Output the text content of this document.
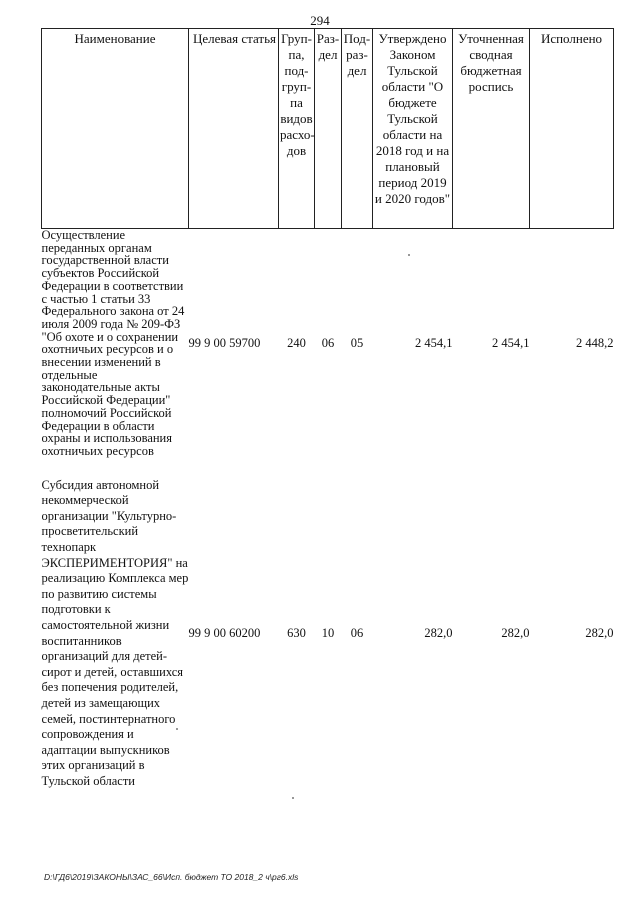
294
Наименование	Целевая статья	Груп-па, под-груп-па видов расхо-дов	Раз-дел	Под-раз-дел	Утверждено Законом Тульской области "О бюджете Тульской области на 2018 год и на плановый период 2019 и 2020 годов"	Уточненная сводная бюджетная роспись	Исполнено
Осуществление переданных органам государственной власти субъектов Российской Федерации в соответствии с частью 1 статьи 33 Федерального закона от 24 июля 2009 года № 209-ФЗ "Об охоте и о сохранении охотничьих ресурсов и о внесении изменений в отдельные законодательные акты Российской Федерации" полномочий Российской Федерации в области охраны и использования охотничьих ресурсов	99 9 00 59700	240	06	05	2 454,1	2 454,1	2 448,2

Субсидия автономной некоммерческой организации "Культурно-просветительский технопарк ЭКСПЕРИМЕНТОРИЯ" на реализацию Комплекса мер по развитию системы подготовки к самостоятельной жизни воспитанников организаций для детей-сирот и детей, оставшихся без попечения родителей, детей из замещающих семей, постинтернатного сопровождения и адаптации выпускников этих организаций в Тульской области	99 9 00 60200	630	10	06	282,0	282,0	282,0
D:\ГД6\2019\ЗАКОНЫ\ЗАС_66\Исп. бюджет ТО 2018_2 ч\рг6.xls
